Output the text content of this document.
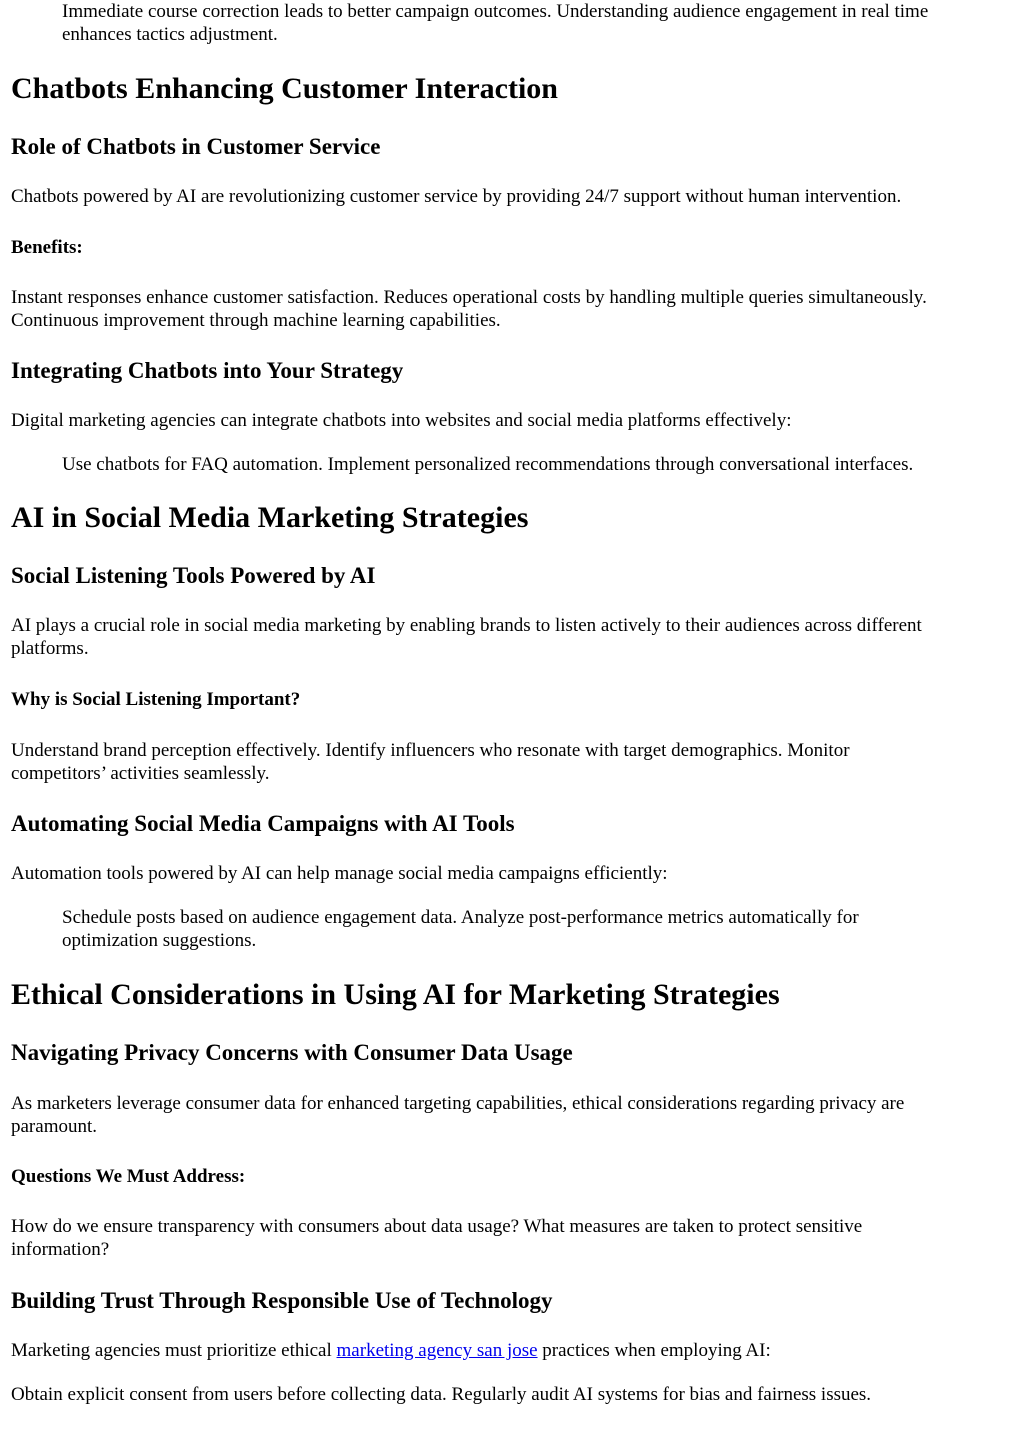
Immediate course correction leads to better campaign outcomes. Understanding audience engagement in real time

enhances tactics adjustment.

Chatbots Enhancing Customer Interaction
Role of Chatbots in Customer Service

Chatbots powered by AI are revolutionizing customer service by providing 24/7 support without human intervention.

Benefits:

Instant responses enhance customer satisfaction. Reduces operational costs by handling multiple queries simultaneously.

Continuous improvement through machine learning capabilities.

Integrating Chatbots into Your Strategy

Digital marketing agencies can integrate chatbots into websites and social media platforms effectively:

Use chatbots for FAQ automation. Implement personalized recommendations through conversational interfaces.

AI in Social Media Marketing Strategies
Social Listening Tools Powered by AI

AI plays a crucial role in social media marketing by enabling brands to listen actively to their audiences across different

platforms.

Why is Social Listening Important?

Understand brand perception effectively. Identify influencers who resonate with target demographics. Monitor

competitors’ activities seamlessly.

Automating Social Media Campaigns with AI Tools

Automation tools powered by AI can help manage social media campaigns efficiently:

Schedule posts based on audience engagement data. Analyze post-performance metrics automatically for

optimization suggestions.

Ethical Considerations in Using AI for Marketing Strategies
Navigating Privacy Concerns with Consumer Data Usage

As marketers leverage consumer data for enhanced targeting capabilities, ethical considerations regarding privacy are

paramount.

Questions We Must Address:

How do we ensure transparency with consumers about data usage? What measures are taken to protect sensitive

information?

Building Trust Through Responsible Use of Technology

Marketing agencies must prioritize ethical marketing agency san jose practices when employing AI:

Obtain explicit consent from users before collecting data. Regularly audit AI systems for bias and fairness issues.
